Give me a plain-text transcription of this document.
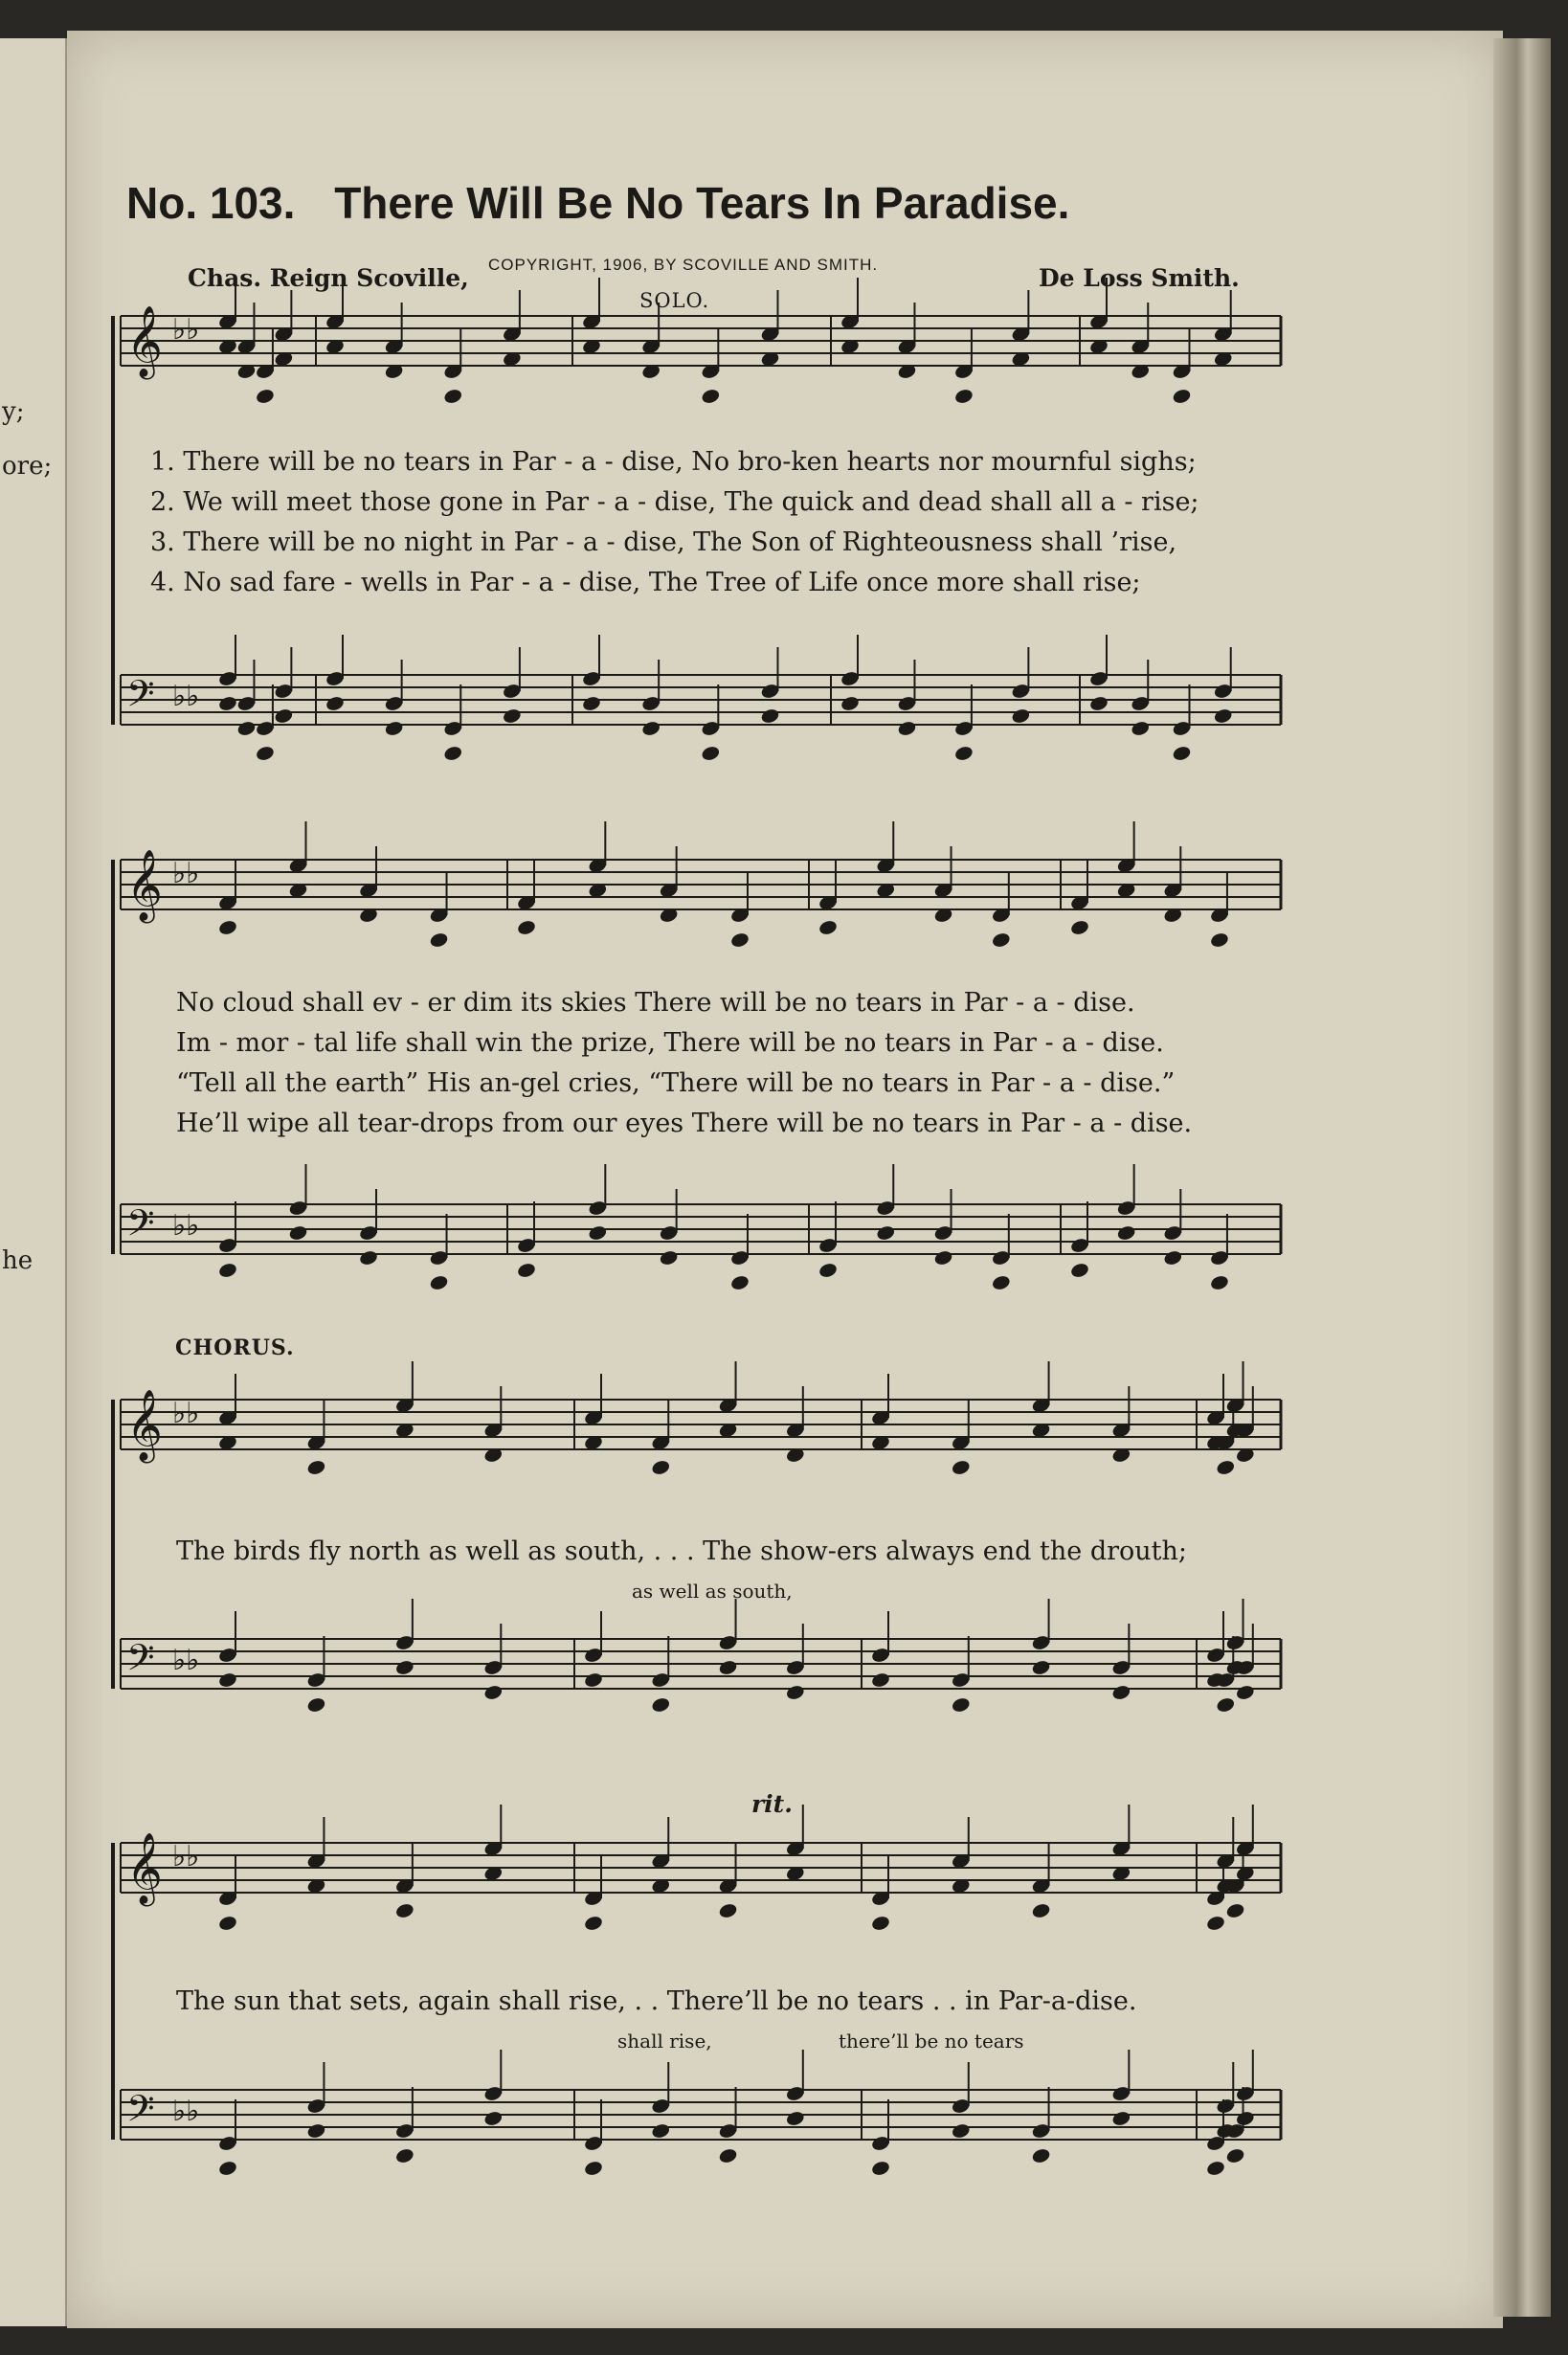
y;
ore;
he
No. 103. There Will Be No Tears In Paradise.
COPYRIGHT, 1906, BY SCOVILLE AND SMITH.
Chas. Reign Scoville,	De Loss Smith.
SOLO.
𝄞 ♭♭
𝄢 ♭♭
𝄞 ♭♭
𝄢 ♭♭
𝄞 ♭♭
𝄢 ♭♭
𝄞 ♭♭
𝄢 ♭♭
1. There will be no tears in Par - a - dise, No bro-ken hearts nor mournful sighs;
2. We will meet those gone in Par - a - dise, The quick and dead shall all a - rise;
3. There will be no night in Par - a - dise, The Son of Righteousness shall ’rise,
4. No sad fare - wells in Par - a - dise, The Tree of Life once more shall rise;
No cloud shall ev - er dim its skies There will be no tears in Par - a - dise.
Im - mor - tal life shall win the prize, There will be no tears in Par - a - dise.
“Tell all the earth” His an-gel cries, “There will be no tears in Par - a - dise.”
He’ll wipe all tear-drops from our eyes There will be no tears in Par - a - dise.
CHORUS.
The birds fly north as well as south, . . . The show-ers always end the drouth;
as well as south,
rit.
The sun that sets, again shall rise, . . There’ll be no tears . . in Par-a-dise.
shall rise,	there’ll be no tears
